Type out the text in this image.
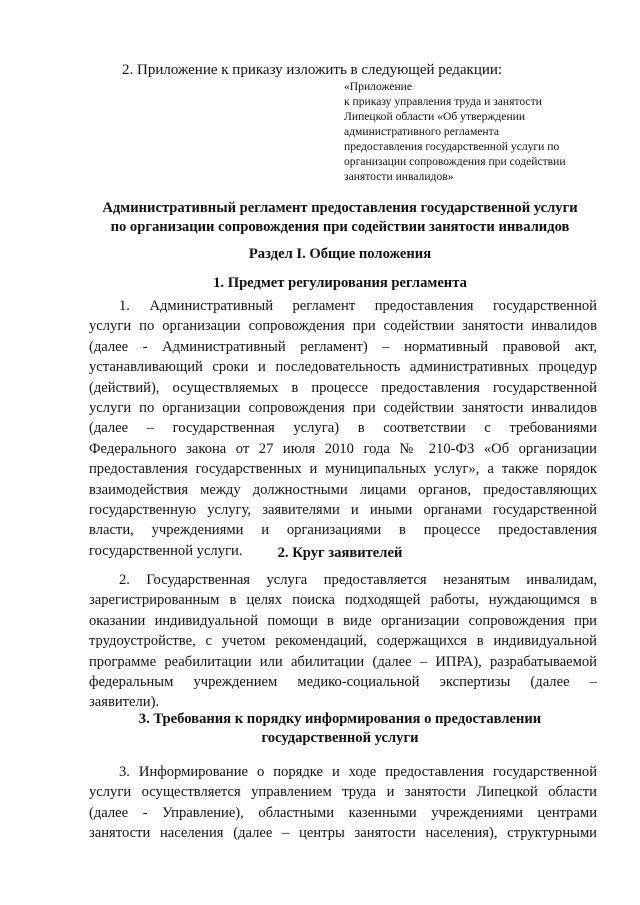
2. Приложение к приказу изложить в следующей редакции:
«Приложение
к приказу управления труда и занятости
Липецкой области «Об утверждении
административного регламента
предоставления государственной услуги по
организации сопровождения при содействии
занятости инвалидов»
Административный регламент предоставления государственной услуги
по организации сопровождения при содействии занятости инвалидов
Раздел I. Общие положения
1. Предмет регулирования регламента
1. Административный регламент предоставления государственной
услуги по организации сопровождения при содействии занятости инвалидов
(далее - Административный регламент) – нормативный правовой акт,
устанавливающий сроки и последовательность административных процедур
(действий), осуществляемых в процессе предоставления государственной
услуги по организации сопровождения при содействии занятости инвалидов
(далее – государственная услуга) в соответствии с требованиями
Федерального закона от 27 июля 2010 года № 210-ФЗ «Об организации
предоставления государственных и муниципальных услуг», а также порядок
взаимодействия между должностными лицами органов, предоставляющих
государственную услугу, заявителями и иными органами государственной
власти, учреждениями и организациями в процессе предоставления
государственной услуги.	2. Круг заявителей
2. Государственная услуга предоставляется незанятым инвалидам,
зарегистрированным в целях поиска подходящей работы, нуждающимся в
оказании индивидуальной помощи в виде организации сопровождения при
трудоустройстве, с учетом рекомендаций, содержащихся в индивидуальной
программе реабилитации или абилитации (далее – ИПРА), разрабатываемой
федеральным учреждением медико-социальной экспертизы (далее –
заявители).
3. Требования к порядку информирования о предоставлении
государственной услуги
3. Информирование о порядке и ходе предоставления государственной
услуги осуществляется управлением труда и занятости Липецкой области
(далее - Управление), областными казенными учреждениями центрами
занятости населения (далее – центры занятости населения), структурными
